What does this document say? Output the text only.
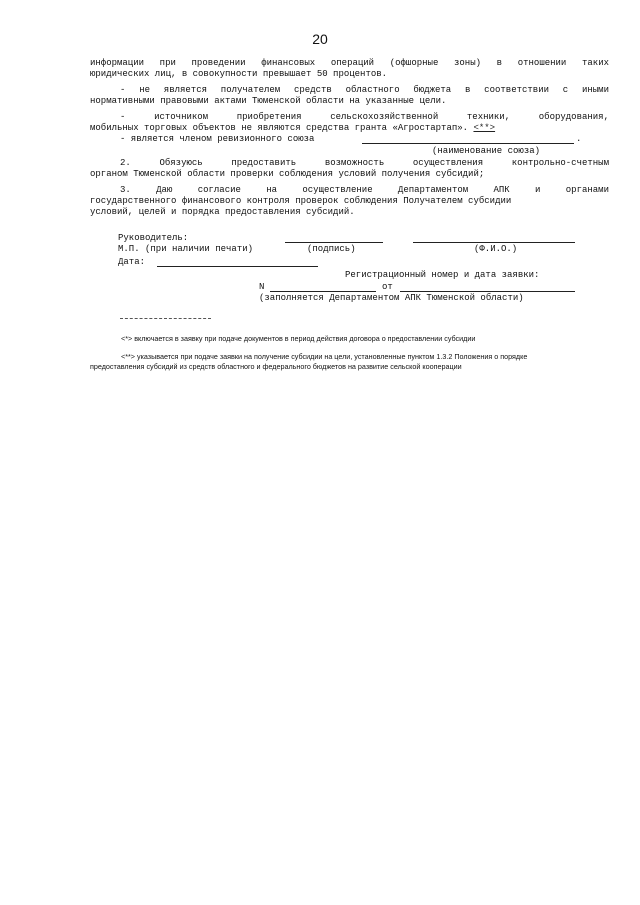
20
информации при проведении финансовых операций (офшорные зоны) в отношении таких
юридических лиц, в совокупности превышает 50 процентов.
- не является получателем средств областного бюджета в соответствии с иными
нормативными правовыми актами Тюменской области на указанные цели.
- источником приобретения сельскохозяйственной техники, оборудования,
мобильных торговых объектов не являются средства гранта «Агростартап». <**>
- является членом ревизионного союза	.
(наименование союза)
2. Обязуюсь предоставить возможность осуществления контрольно-счетным
органом Тюменской области проверки соблюдения условий получения субсидий;
3. Даю согласие на осуществление Департаментом АПК и органами
государственного финансового контроля проверок соблюдения Получателем субсидии
условий, целей и порядка предоставления субсидий.
Руководитель:
М.П. (при наличии печати)	(подпись)	(Ф.И.О.)
Дата:
Регистрационный номер и дата заявки:
N	от
(заполняется Департаментом АПК Тюменской области)
<*> включается в заявку при подаче документов в период действия договора о предоставлении субсидии
<**> указывается при подаче заявки на получение субсидии на цели, установленные пунктом 1.3.2 Положения о порядке
предоставления субсидий из средств областного и федерального бюджетов на развитие сельской кооперации
